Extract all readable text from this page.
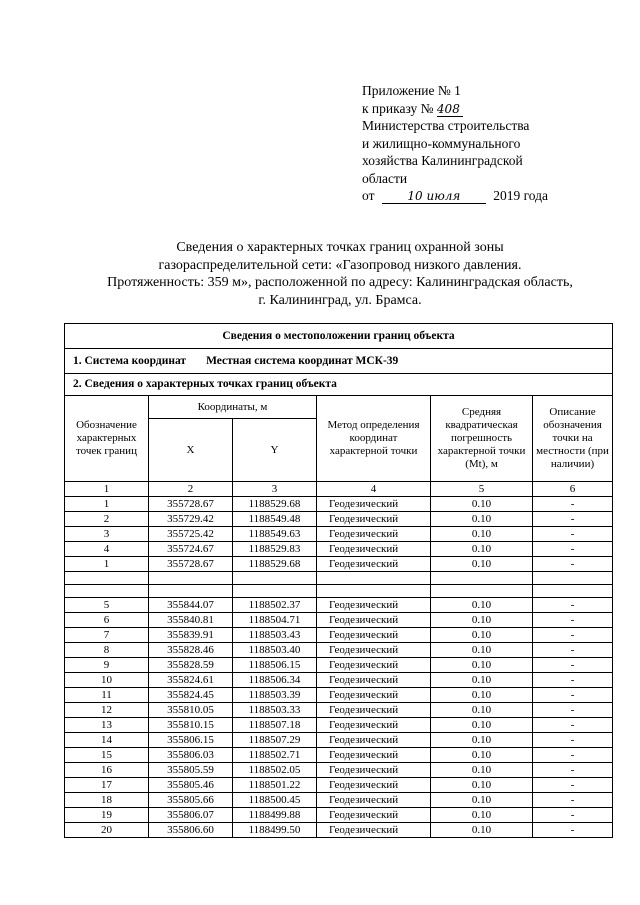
Приложение № 1
к приказу № 408
Министерства строительства
и жилищно-коммунального
хозяйства Калининградской
области
от	10 июля 2019 года
Сведения о характерных точках границ охранной зоны
газораспределительной сети: «Газопровод низкого давления.
Протяженность: 359 м», расположенной по адресу: Калининградская область,
г. Калининград, ул. Брамса.
Сведения о местоположении границ объекта					
1. Система координат Местная система координат МСК-39					
2. Сведения о характерных точках границ объекта					
Обозначение характерных точек границ	Координаты, м		Метод определения координат характерной точки	Средняя квадратическая погрешность характерной точки (Mt), м	Описание обозначения точки на местности (при наличии)
	X	Y			
1	2	3	4	5	6
1	355728.67	1188529.68	Геодезический	0.10	-
2	355729.42	1188549.48	Геодезический	0.10	-
3	355725.42	1188549.63	Геодезический	0.10	-
4	355724.67	1188529.83	Геодезический	0.10	-
1	355728.67	1188529.68	Геодезический	0.10	-

5	355844.07	1188502.37	Геодезический	0.10	-
6	355840.81	1188504.71	Геодезический	0.10	-
7	355839.91	1188503.43	Геодезический	0.10	-
8	355828.46	1188503.40	Геодезический	0.10	-
9	355828.59	1188506.15	Геодезический	0.10	-
10	355824.61	1188506.34	Геодезический	0.10	-
11	355824.45	1188503.39	Геодезический	0.10	-
12	355810.05	1188503.33	Геодезический	0.10	-
13	355810.15	1188507.18	Геодезический	0.10	-
14	355806.15	1188507.29	Геодезический	0.10	-
15	355806.03	1188502.71	Геодезический	0.10	-
16	355805.59	1188502.05	Геодезический	0.10	-
17	355805.46	1188501.22	Геодезический	0.10	-
18	355805.66	1188500.45	Геодезический	0.10	-
19	355806.07	1188499.88	Геодезический	0.10	-
20	355806.60	1188499.50	Геодезический	0.10	-
